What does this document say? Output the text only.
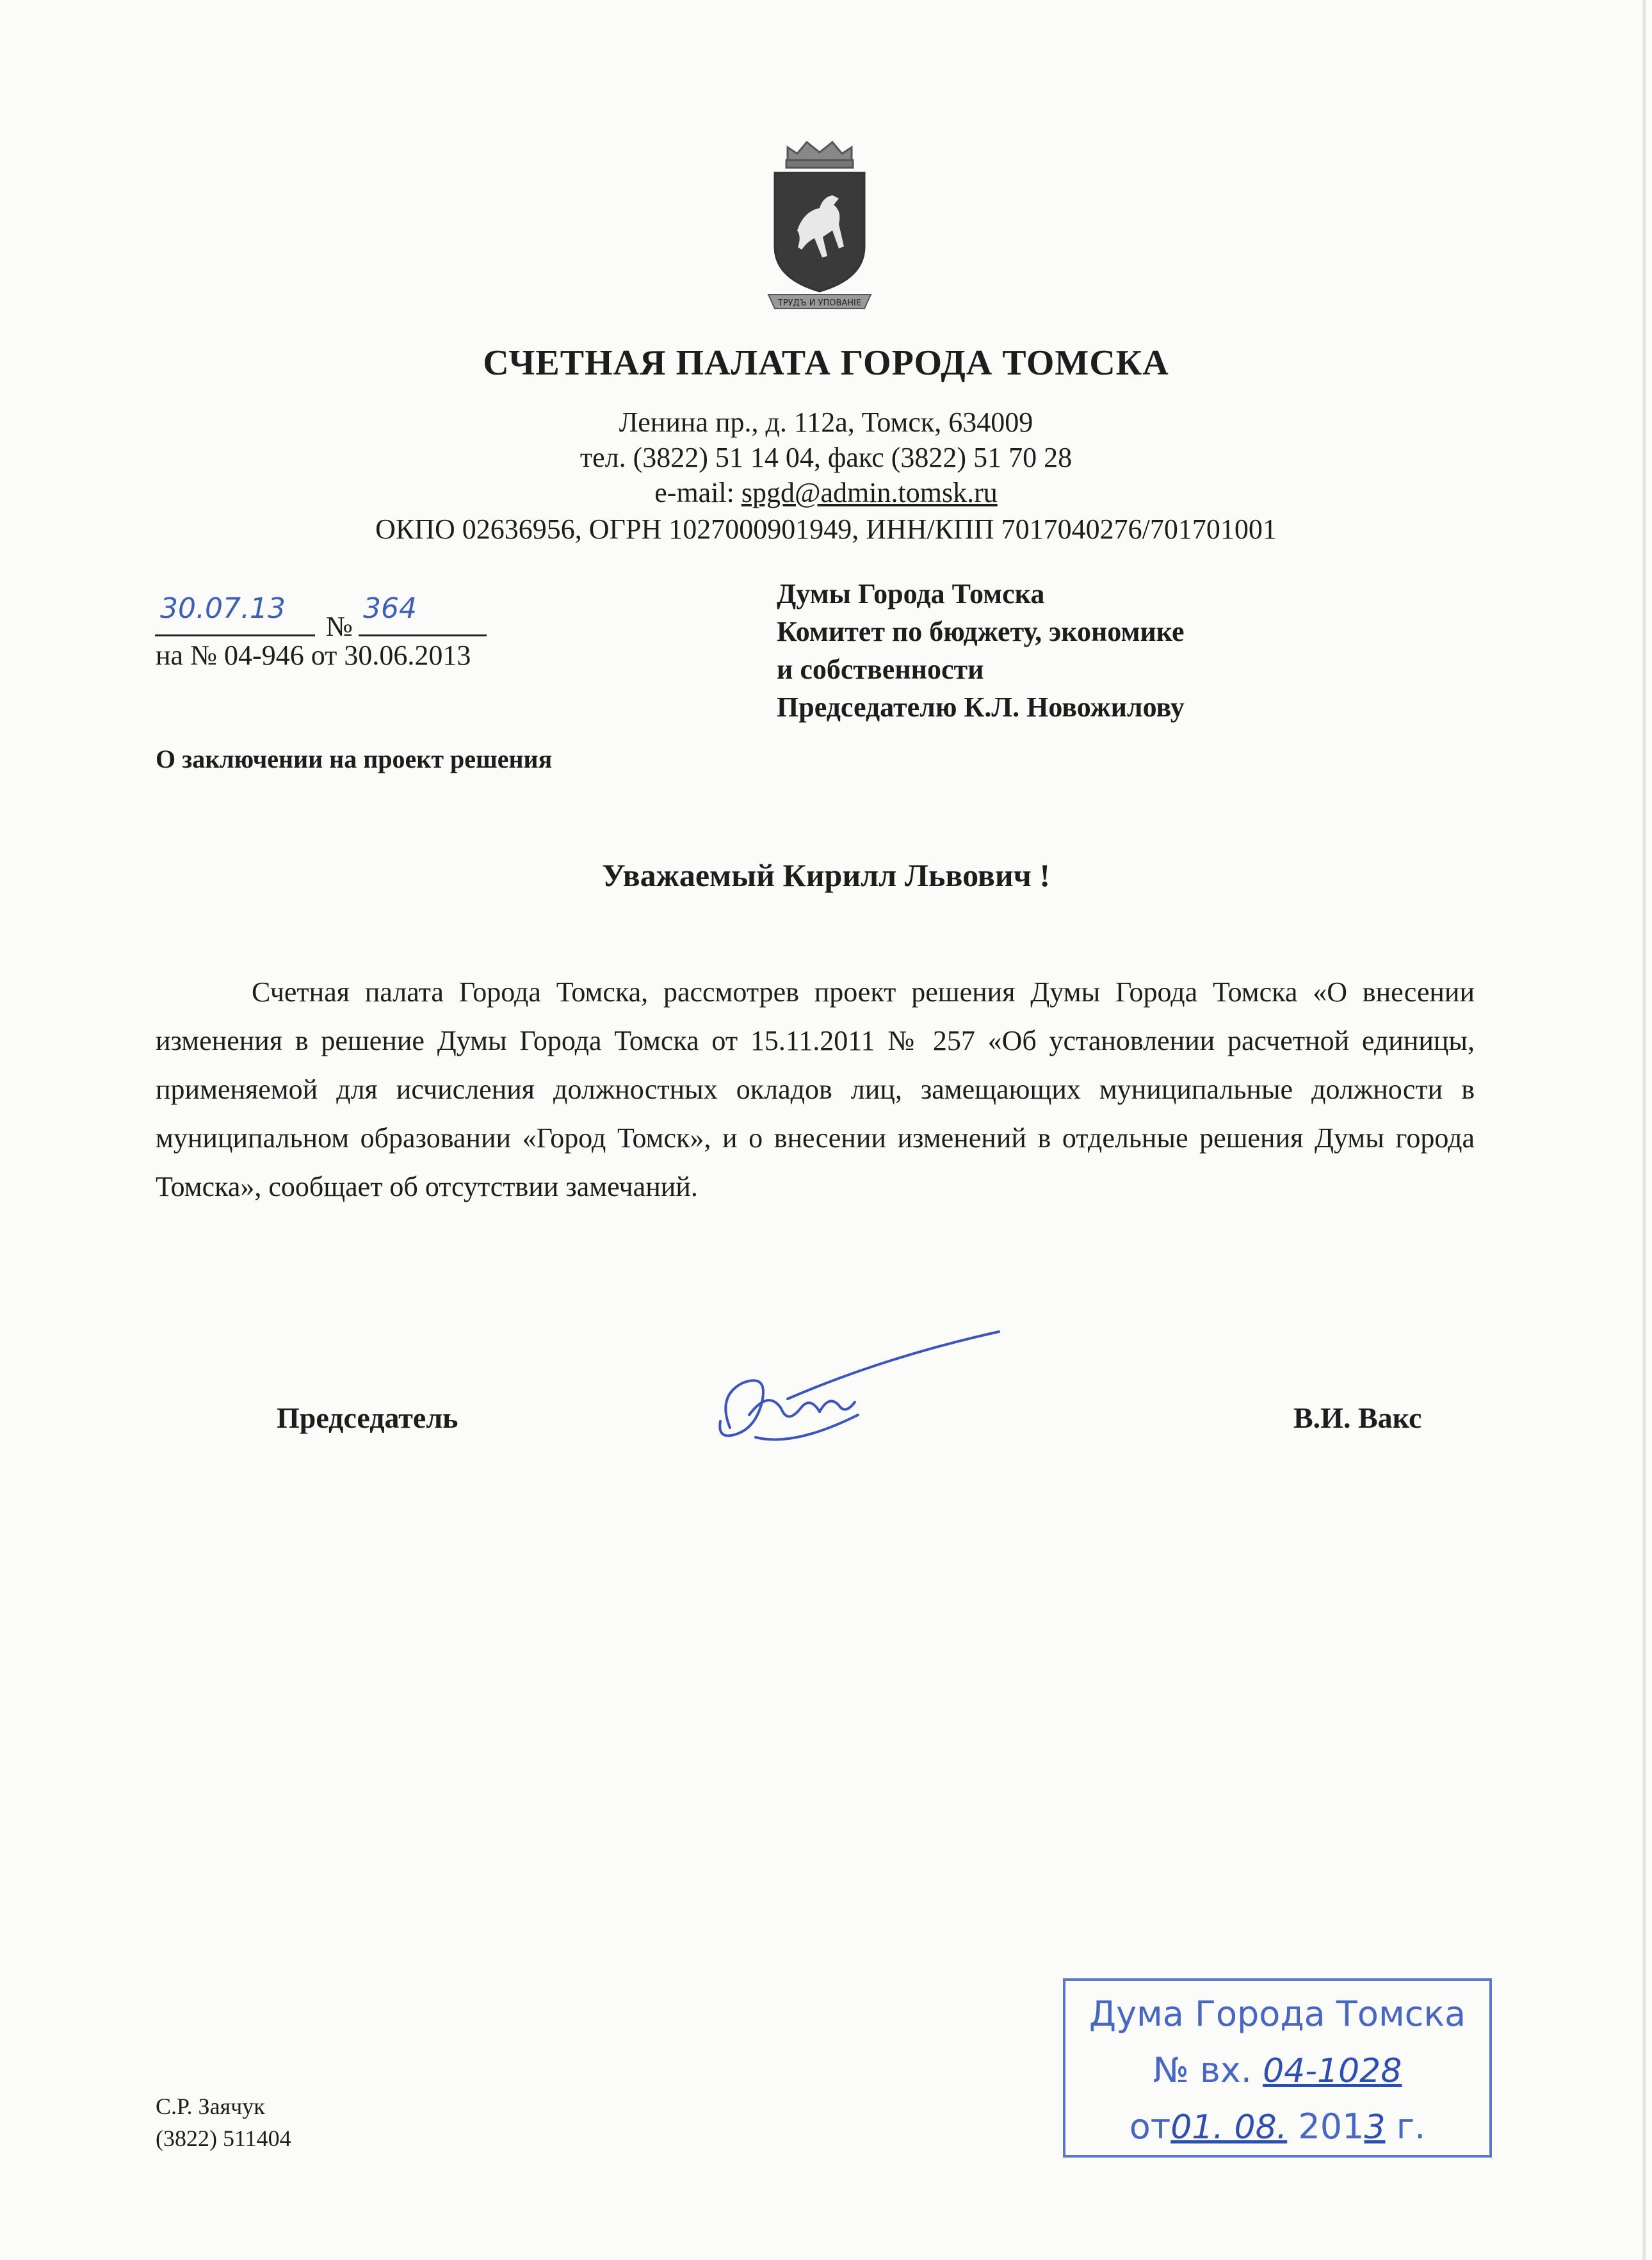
ТРУДЪ И УПОВАНIЕ
СЧЕТНАЯ ПАЛАТА ГОРОДА ТОМСКА
Ленина пр., д. 112а, Томск, 634009
тел. (3822) 51 14 04, факс (3822) 51 70 28
e-mail: spgd@admin.tomsk.ru
ОКПО 02636956, ОГРН 1027000901949, ИНН/КПП 7017040276/701701001
30.07.13
№
364
на № 04-946 от 30.06.2013
Думы Города Томска
Комитет по бюджету, экономике
и собственности
Председателю К.Л. Новожилову
О заключении на проект решения
Уважаемый Кирилл Львович !
Счетная палата Города Томска, рассмотрев проект решения Думы Города Томска «О внесении изменения в решение Думы Города Томска от 15.11.2011 № 257 «Об установлении расчетной единицы, применяемой для исчисления должностных окладов лиц, замещающих муниципальные должности в муниципальном образовании «Город Томск», и о внесении изменений в отдельные решения Думы города Томска», сообщает об отсутствии замечаний.
Председатель	В.И. Вакс
С.Р. Заячук
(3822) 511404
Дума Города Томска
№ вх. 04-1028
от01. 08. 2013 г.
